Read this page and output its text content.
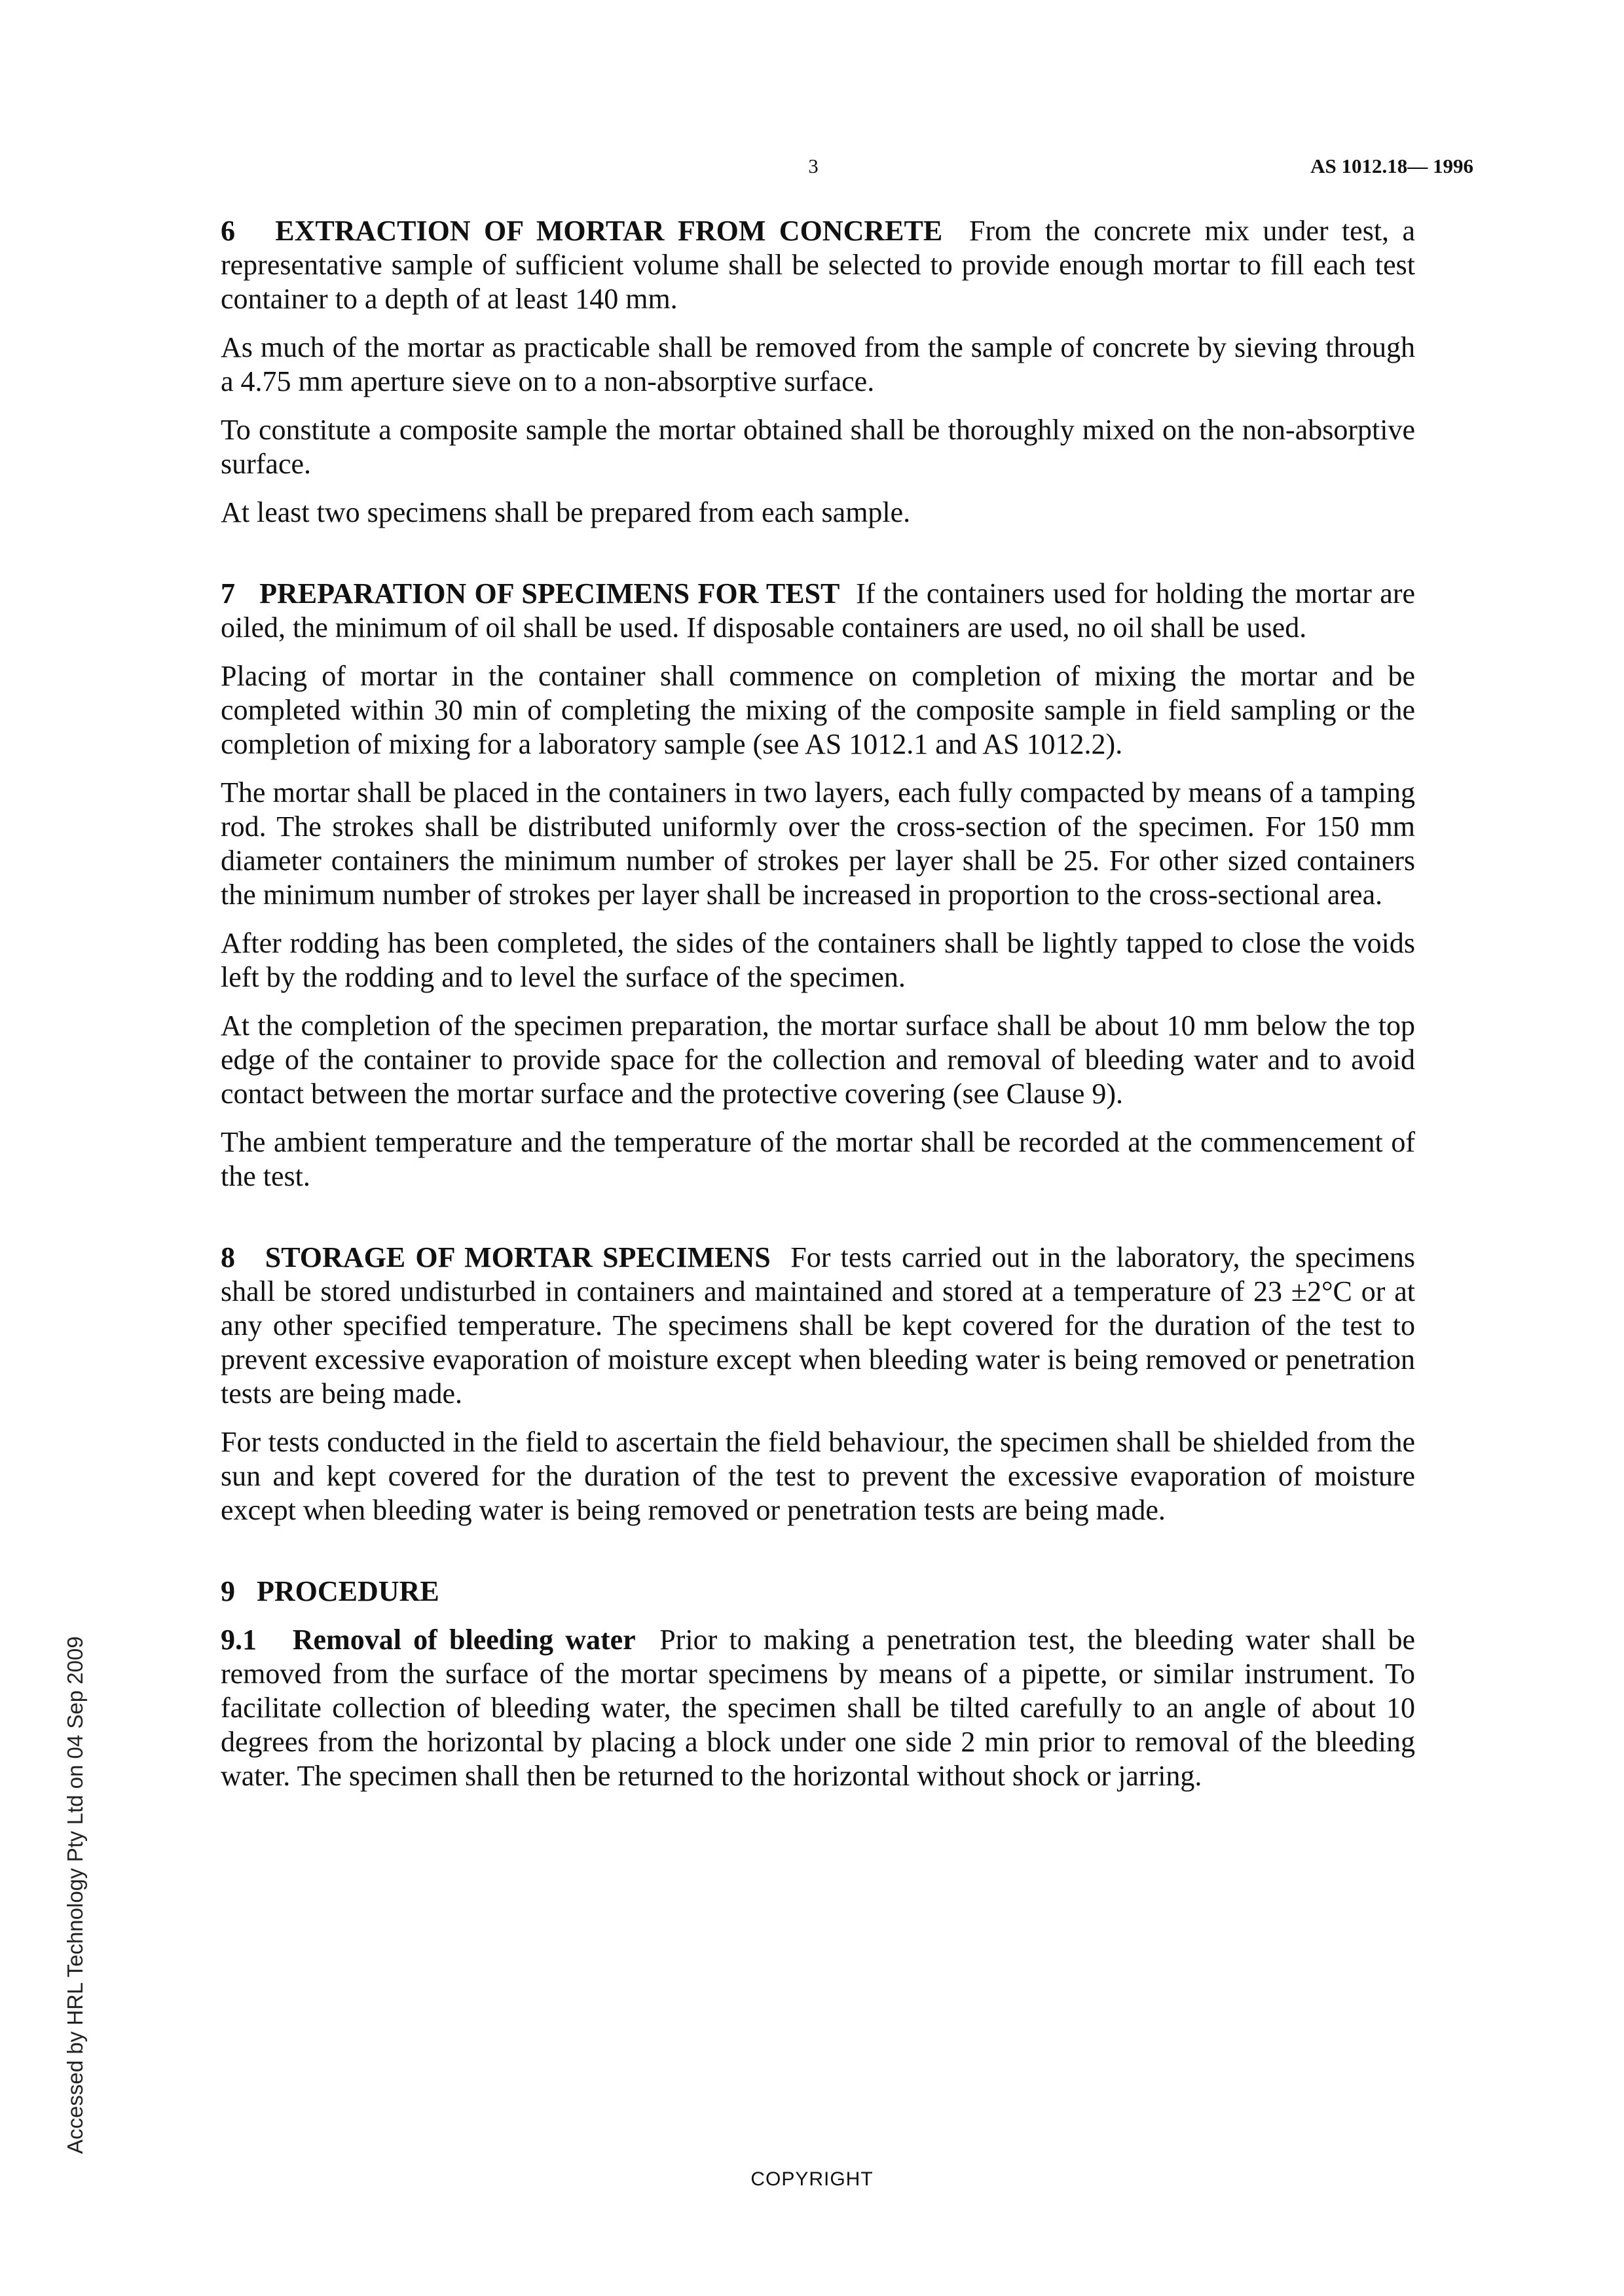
3	AS 1012.18— 1996

6   EXTRACTION OF MORTAR FROM CONCRETE From the concrete mix under test, a representative sample of sufficient volume shall be selected to provide enough mortar to fill each test container to a depth of at least 140 mm.

As much of the mortar as practicable shall be removed from the sample of concrete by sieving through a 4.75 mm aperture sieve on to a non-absorptive surface.

To constitute a composite sample the mortar obtained shall be thoroughly mixed on the non-absorptive surface.

At least two specimens shall be prepared from each sample.

7   PREPARATION OF SPECIMENS FOR TEST If the containers used for holding the mortar are oiled, the minimum of oil shall be used. If disposable containers are used, no oil shall be used.

Placing of mortar in the container shall commence on completion of mixing the mortar and be completed within 30 min of completing the mixing of the composite sample in field sampling or the completion of mixing for a laboratory sample (see AS 1012.1 and AS 1012.2).

The mortar shall be placed in the containers in two layers, each fully compacted by means of a tamping rod. The strokes shall be distributed uniformly over the cross-section of the specimen. For 150 mm diameter containers the minimum number of strokes per layer shall be 25. For other sized containers the minimum number of strokes per layer shall be increased in proportion to the cross-sectional area.

After rodding has been completed, the sides of the containers shall be lightly tapped to close the voids left by the rodding and to level the surface of the specimen.

At the completion of the specimen preparation, the mortar surface shall be about 10 mm below the top edge of the container to provide space for the collection and removal of bleeding water and to avoid contact between the mortar surface and the protective covering (see Clause 9).

The ambient temperature and the temperature of the mortar shall be recorded at the commencement of the test.

8   STORAGE OF MORTAR SPECIMENS For tests carried out in the laboratory, the specimens shall be stored undisturbed in containers and maintained and stored at a temperature of 23 ±2°C or at any other specified temperature. The specimens shall be kept covered for the duration of the test to prevent excessive evaporation of moisture except when bleeding water is being removed or penetration tests are being made.

For tests conducted in the field to ascertain the field behaviour, the specimen shall be shielded from the sun and kept covered for the duration of the test to prevent the excessive evaporation of moisture except when bleeding water is being removed or penetration tests are being made.

9   PROCEDURE

9.1   Removal of bleeding water Prior to making a penetration test, the bleeding water shall be removed from the surface of the mortar specimens by means of a pipette, or similar instrument. To facilitate collection of bleeding water, the specimen shall be tilted carefully to an angle of about 10 degrees from the horizontal by placing a block under one side 2 min prior to removal of the bleeding water. The specimen shall then be returned to the horizontal without shock or jarring.

Accessed by HRL Technology Pty Ltd on 04 Sep 2009
COPYRIGHT
